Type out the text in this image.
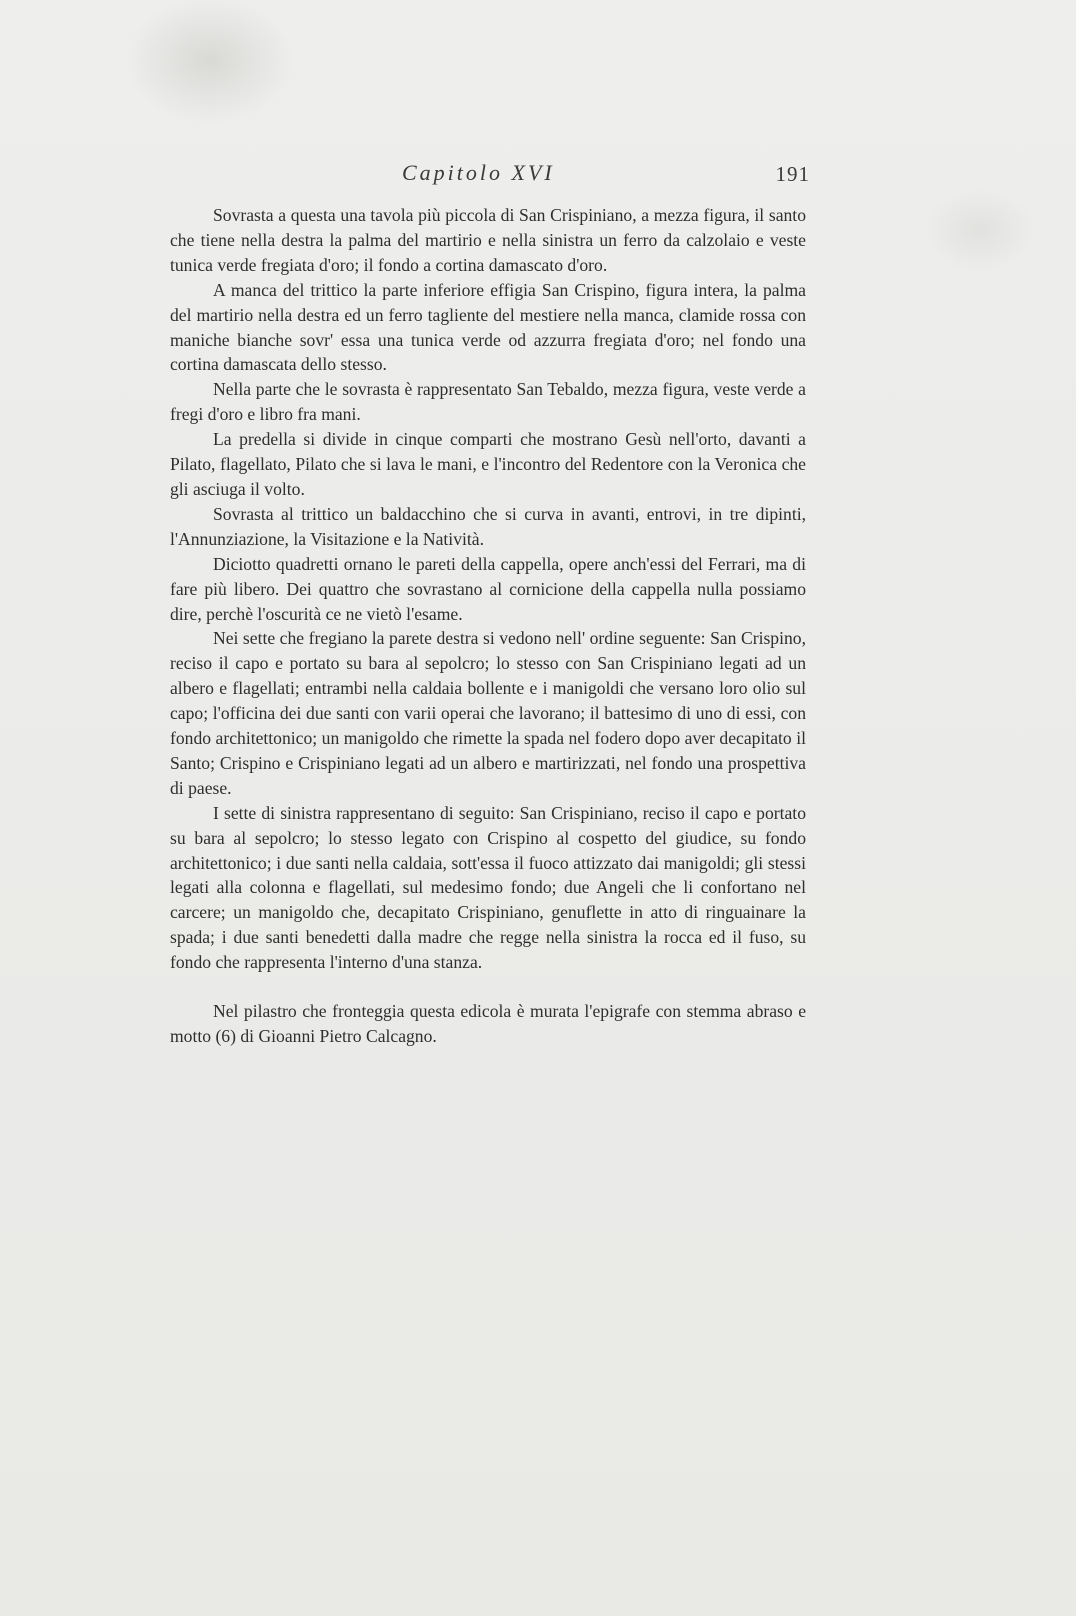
Capitolo XVI	191

Sovrasta a questa una tavola più piccola di San Crispiniano, a mezza figura, il santo che tiene nella destra la palma del martirio e nella sinistra un ferro da calzolaio e veste tunica verde fregiata d'oro; il fondo a cortina damascato d'oro.

A manca del trittico la parte inferiore effigia San Crispino, figura intera, la palma del martirio nella destra ed un ferro tagliente del mestiere nella manca, clamide rossa con maniche bianche sovr' essa una tunica verde od azzurra fregiata d'oro; nel fondo una cortina damascata dello stesso.

Nella parte che le sovrasta è rappresentato San Tebaldo, mezza figura, veste verde a fregi d'oro e libro fra mani.

La predella si divide in cinque comparti che mostrano Gesù nell'orto, davanti a Pilato, flagellato, Pilato che si lava le mani, e l'incontro del Redentore con la Veronica che gli asciuga il volto.

Sovrasta al trittico un baldacchino che si curva in avanti, entrovi, in tre dipinti, l'Annunziazione, la Visitazione e la Natività.

Diciotto quadretti ornano le pareti della cappella, opere anch'essi del Ferrari, ma di fare più libero. Dei quattro che sovrastano al cornicione della cappella nulla possiamo dire, perchè l'oscurità ce ne vietò l'esame.

Nei sette che fregiano la parete destra si vedono nell' ordine seguente: San Crispino, reciso il capo e portato su bara al sepolcro; lo stesso con San Crispiniano legati ad un albero e flagellati; entrambi nella caldaia bollente e i manigoldi che versano loro olio sul capo; l'officina dei due santi con varii operai che lavorano; il battesimo di uno di essi, con fondo architettonico; un manigoldo che rimette la spada nel fodero dopo aver decapitato il Santo; Crispino e Crispiniano legati ad un albero e martirizzati, nel fondo una prospettiva di paese.

I sette di sinistra rappresentano di seguito: San Crispiniano, reciso il capo e portato su bara al sepolcro; lo stesso legato con Crispino al cospetto del giudice, su fondo architettonico; i due santi nella caldaia, sott'essa il fuoco attizzato dai manigoldi; gli stessi legati alla colonna e flagellati, sul medesimo fondo; due Angeli che li confortano nel carcere; un manigoldo che, decapitato Crispiniano, genuflette in atto di ringuainare la spada; i due santi benedetti dalla madre che regge nella sinistra la rocca ed il fuso, su fondo che rappresenta l'interno d'una stanza.

Nel pilastro che fronteggia questa edicola è murata l'epigrafe con stemma abraso e motto (6) di Gioanni Pietro Calcagno.
